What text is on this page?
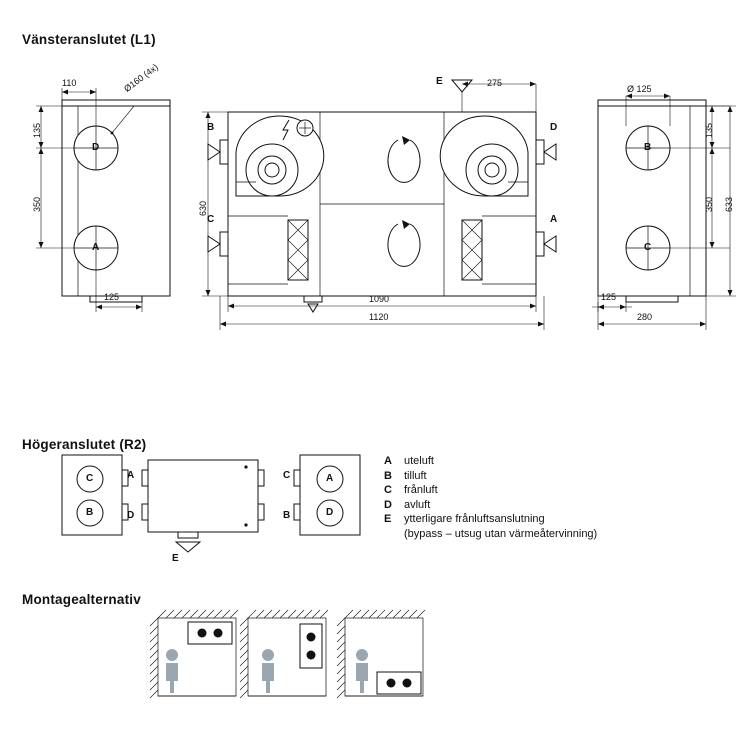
Vänsteranslutet (L1)
Högeranslutet (R2)
Montagealternativ
110	Ø160 (4x)
135
350
125
D
A
B
C
D
A
E	275
630
1090
1120
Ø 125
135
350 633
125
280
B
C
C
B
A
D
C
B
A
D
E
A	uteluft
B	tilluft
C	frånluft
D	avluft
E	ytterligare frånluftsanslutning
(bypass – utsug utan värmeåtervinning)
